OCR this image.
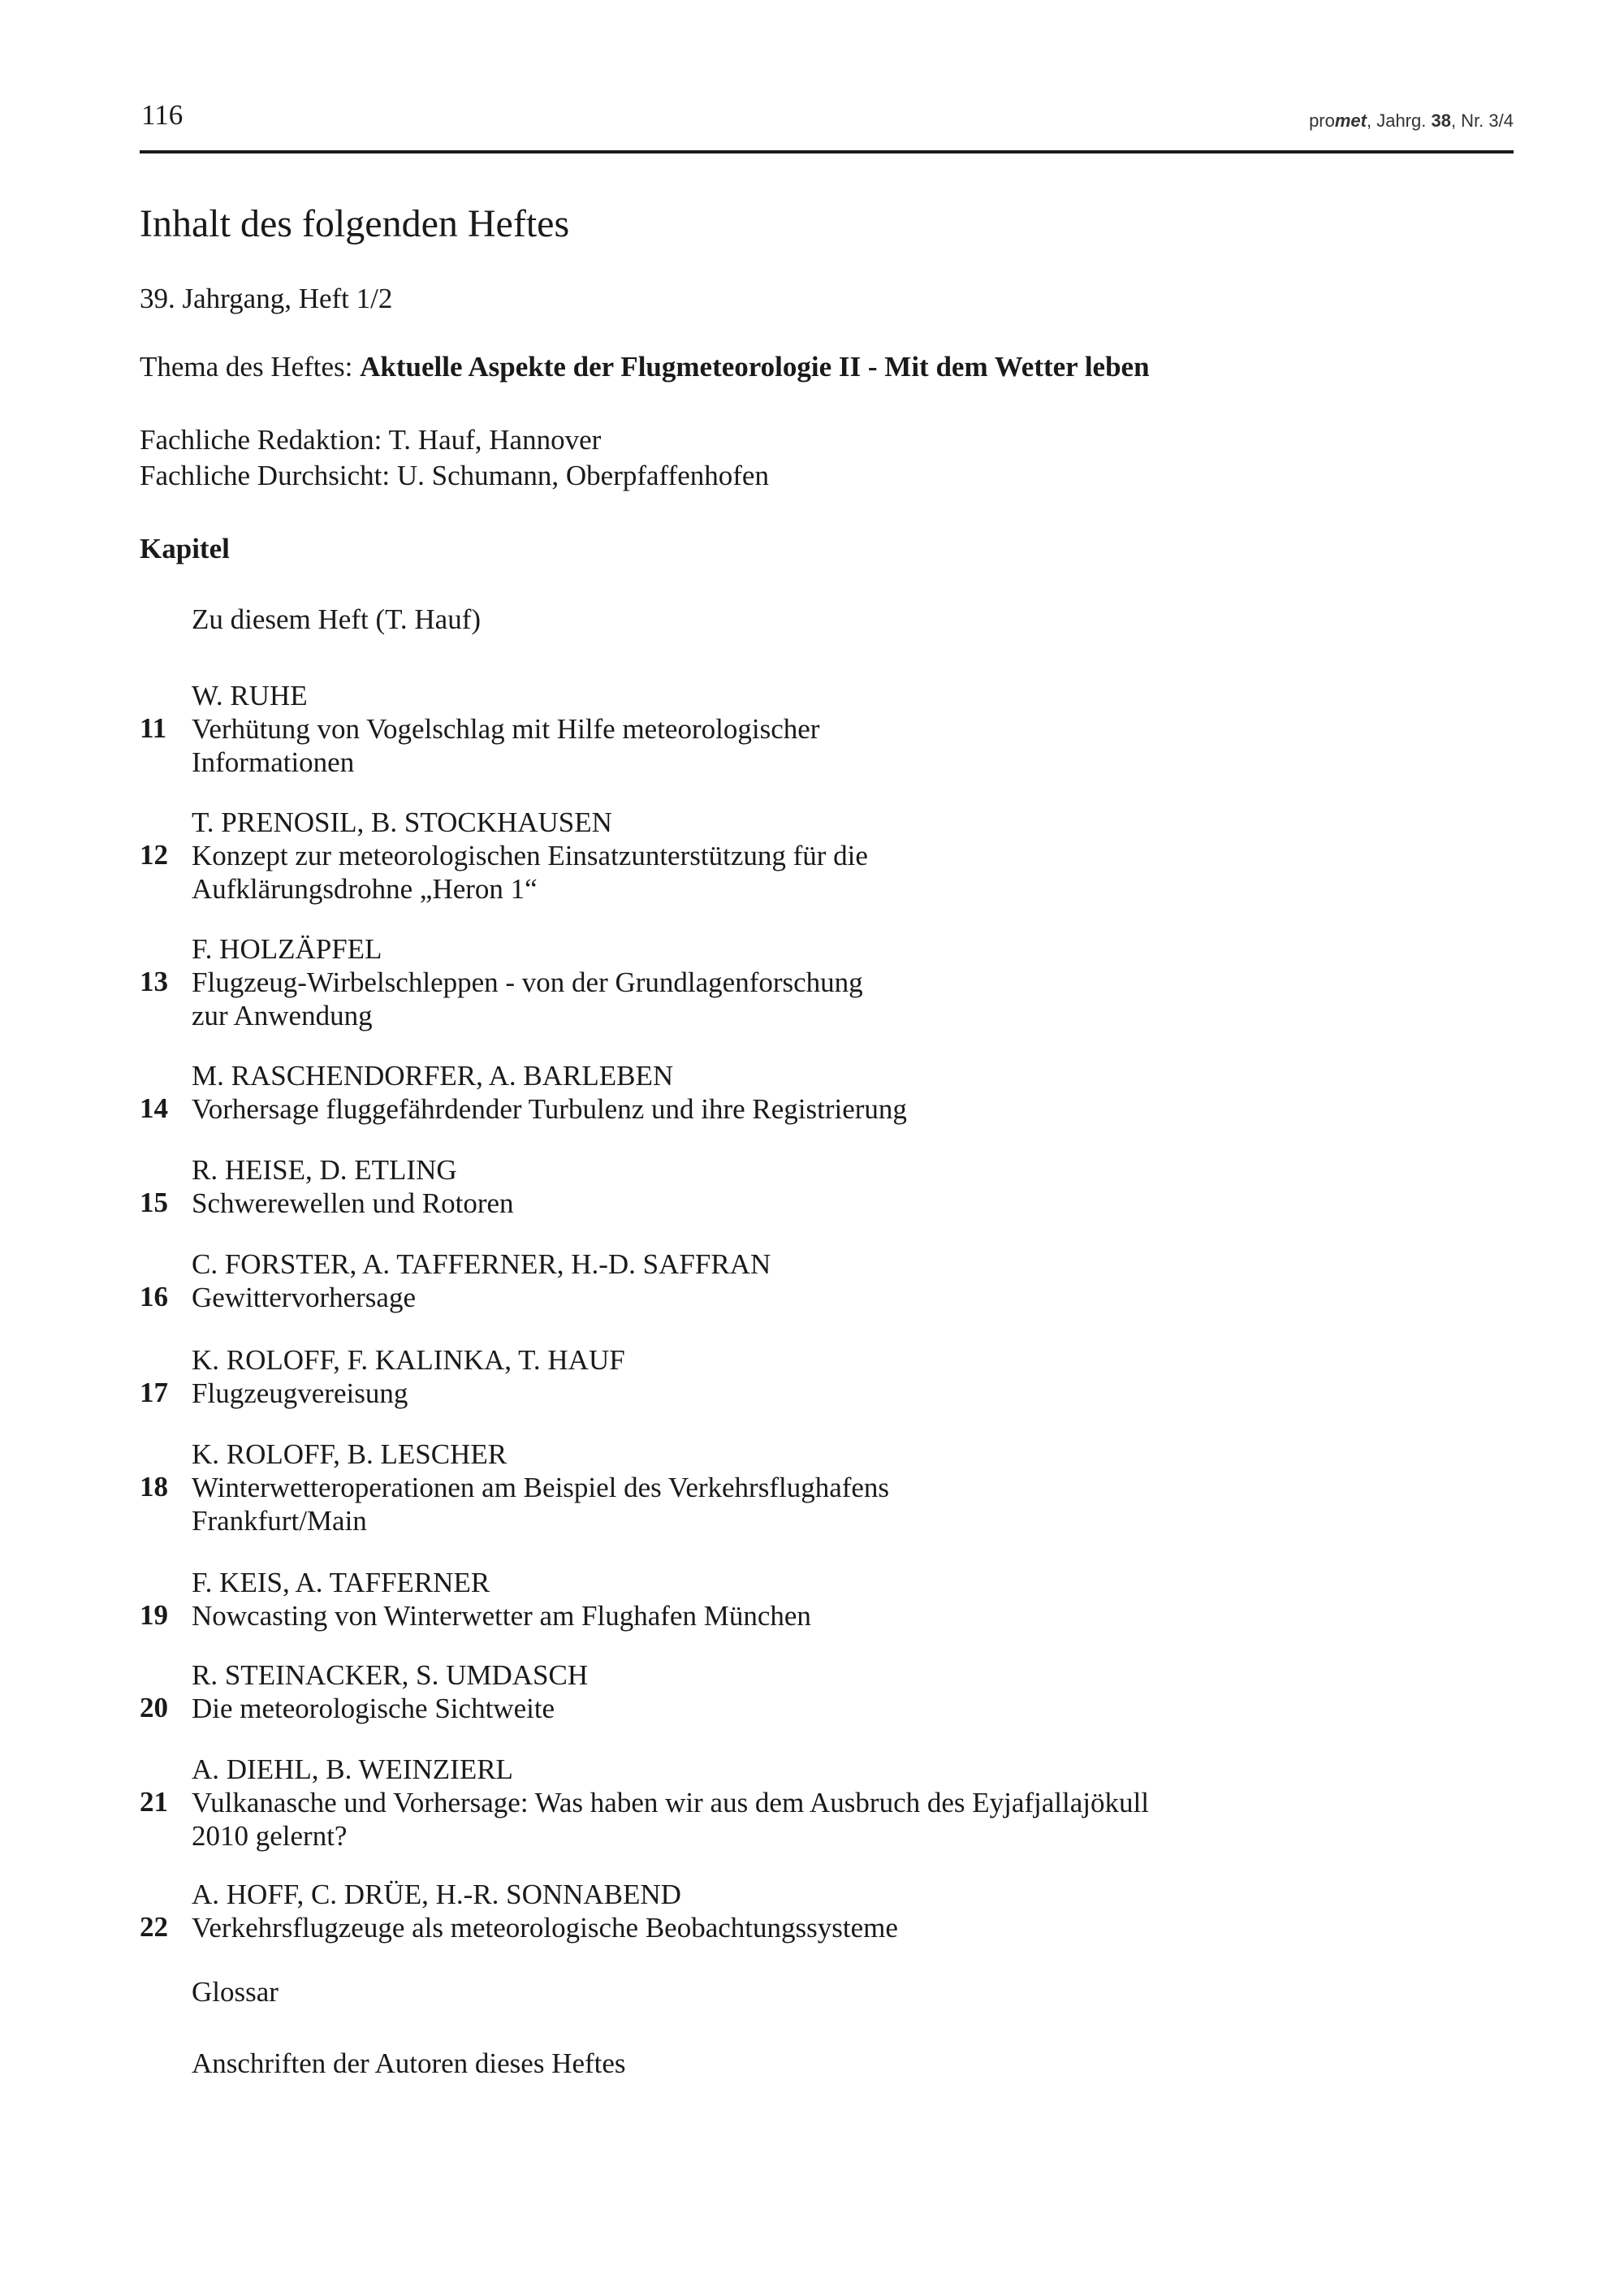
116	promet, Jahrg. 38, Nr. 3/4
Inhalt des folgenden Heftes
39. Jahrgang, Heft 1/2
Thema des Heftes: Aktuelle Aspekte der Flugmeteorologie II - Mit dem Wetter leben
Fachliche Redaktion: T. Hauf, Hannover
Fachliche Durchsicht: U. Schumann, Oberpfaffenhofen
Kapitel
Zu diesem Heft (T. Hauf)
11
W. RUHE
Verhütung von Vogelschlag mit Hilfe meteorologischer
Informationen
12
T. PRENOSIL, B. STOCKHAUSEN
Konzept zur meteorologischen Einsatzunterstützung für die
Aufklärungsdrohne „Heron 1“
13
F. HOLZÄPFEL
Flugzeug-Wirbelschleppen - von der Grundlagenforschung
zur Anwendung
14
M. RASCHENDORFER, A. BARLEBEN
Vorhersage fluggefährdender Turbulenz und ihre Registrierung
15
R. HEISE, D. ETLING
Schwerewellen und Rotoren
16
C. FORSTER, A. TAFFERNER, H.-D. SAFFRAN
Gewittervorhersage
17
K. ROLOFF, F. KALINKA, T. HAUF
Flugzeugvereisung
18
K. ROLOFF, B. LESCHER
Winterwetteroperationen am Beispiel des Verkehrsflughafens
Frankfurt/Main
19
F. KEIS, A. TAFFERNER
Nowcasting von Winterwetter am Flughafen München
20
R. STEINACKER, S. UMDASCH
Die meteorologische Sichtweite
21
A. DIEHL, B. WEINZIERL
Vulkanasche und Vorhersage: Was haben wir aus dem Ausbruch des Eyjafjallajökull
2010 gelernt?
22
A. HOFF, C. DRÜE, H.-R. SONNABEND
Verkehrsflugzeuge als meteorologische Beobachtungssysteme
Glossar
Anschriften der Autoren dieses Heftes
